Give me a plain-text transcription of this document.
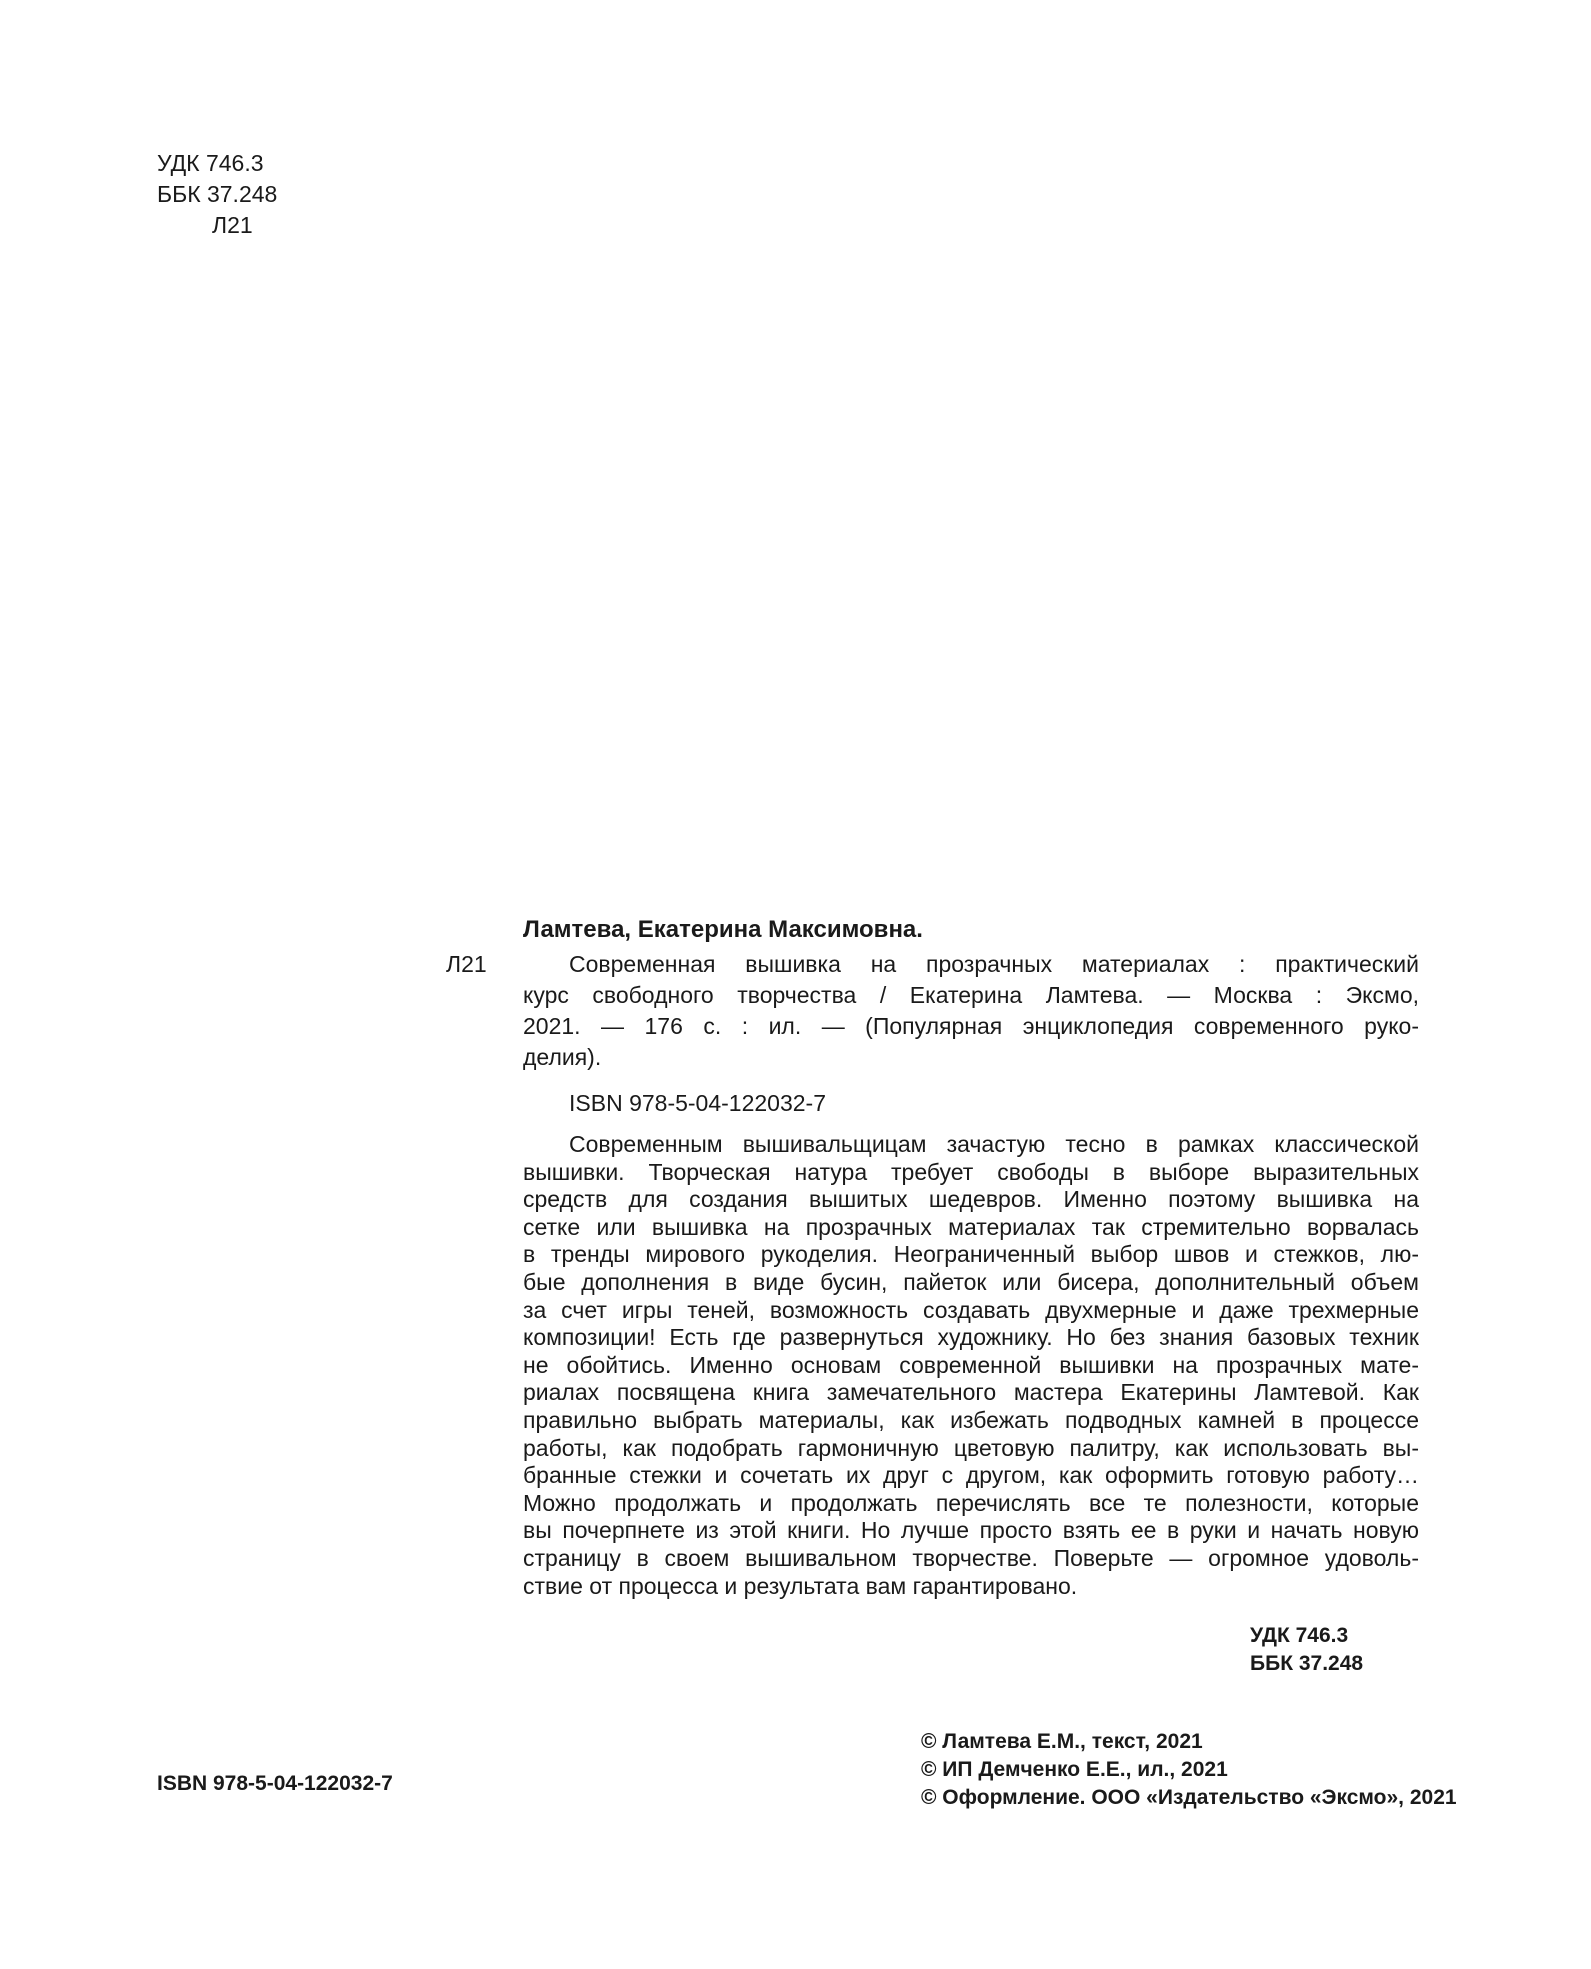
УДК 746.3
ББК 37.248
Л21
Ламтева, Екатерина Максимовна.
Л21	Современная вышивка на прозрачных материалах : практический
курс свободного творчества / Екатерина Ламтева. — Москва : Эксмо,
2021. — 176 с. : ил. — (Популярная энциклопедия современного руко-
делия).
ISBN 978-5-04-122032-7
Современным вышивальщицам зачастую тесно в рамках классической
вышивки. Творческая натура требует свободы в выборе выразительных
средств для создания вышитых шедевров. Именно поэтому вышивка на
сетке или вышивка на прозрачных материалах так стремительно ворвалась
в тренды мирового рукоделия. Неограниченный выбор швов и стежков, лю-
бые дополнения в виде бусин, пайеток или бисера, дополнительный объем
за счет игры теней, возможность создавать двухмерные и даже трехмерные
композиции! Есть где развернуться художнику. Но без знания базовых техник
не обойтись. Именно основам современной вышивки на прозрачных мате-
риалах посвящена книга замечательного мастера Екатерины Ламтевой. Как
правильно выбрать материалы, как избежать подводных камней в процессе
работы, как подобрать гармоничную цветовую палитру, как использовать вы-
бранные стежки и сочетать их друг с другом, как оформить готовую работу…
Можно продолжать и продолжать перечислять все те полезности, которые
вы почерпнете из этой книги. Но лучше просто взять ее в руки и начать новую
страницу в своем вышивальном творчестве. Поверьте — огромное удоволь-
ствие от процесса и результата вам гарантировано.
УДК 746.3
ББК 37.248
ISBN 978-5-04-122032-7
© Ламтева Е.М., текст, 2021
© ИП Демченко Е.Е., ил., 2021
© Оформление. ООО «Издательство «Эксмо», 2021
